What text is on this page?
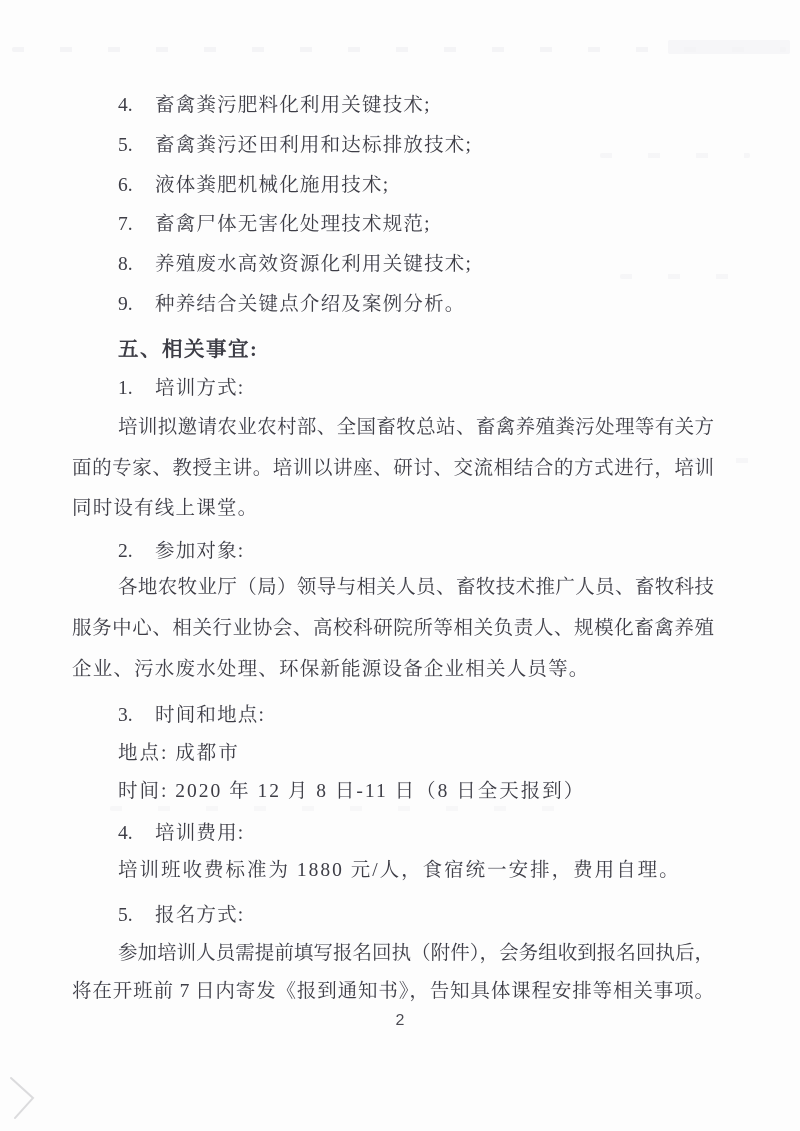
4. 畜禽粪污肥料化利用关键技术;
5. 畜禽粪污还田利用和达标排放技术;
6. 液体粪肥机械化施用技术;
7. 畜禽尸体无害化处理技术规范;
8. 养殖废水高效资源化利用关键技术;
9. 种养结合关键点介绍及案例分析。
五、相关事宜:
1. 培训方式:
培训拟邀请农业农村部、全国畜牧总站、畜禽养殖粪污处理等有关方
面的专家、教授主讲。培训以讲座、研讨、交流相结合的方式进行，培训
同时设有线上课堂。
2. 参加对象:
各地农牧业厅（局）领导与相关人员、畜牧技术推广人员、畜牧科技
服务中心、相关行业协会、高校科研院所等相关负责人、规模化畜禽养殖
企业、污水废水处理、环保新能源设备企业相关人员等。
3. 时间和地点:
地点: 成都市
时间: 2020 年 12 月 8 日-11 日（8 日全天报到）
4. 培训费用:
培训班收费标准为 1880 元/人，食宿统一安排，费用自理。
5. 报名方式:
参加培训人员需提前填写报名回执（附件），会务组收到报名回执后，
将在开班前 7 日内寄发《报到通知书》，告知具体课程安排等相关事项。
2
